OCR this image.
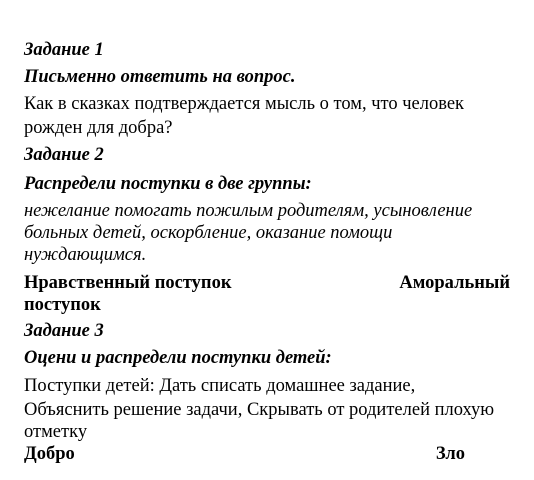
Задание 1
Письменно ответить на вопрос.
Как в сказках подтверждается мысль о том, что человек
рожден для добра?
Задание 2
Распредели поступки в две группы:
нежелание помогать пожилым родителям, усыновление
больных детей, оскорбление, оказание помощи
нуждающимся.
Нравственный поступок	Аморальный
поступок
Задание 3
Оцени и распредели поступки детей:
Поступки детей: Дать списать домашнее задание,
Объяснить решение задачи, Скрывать от родителей плохую
отметку
Добро	Зло
